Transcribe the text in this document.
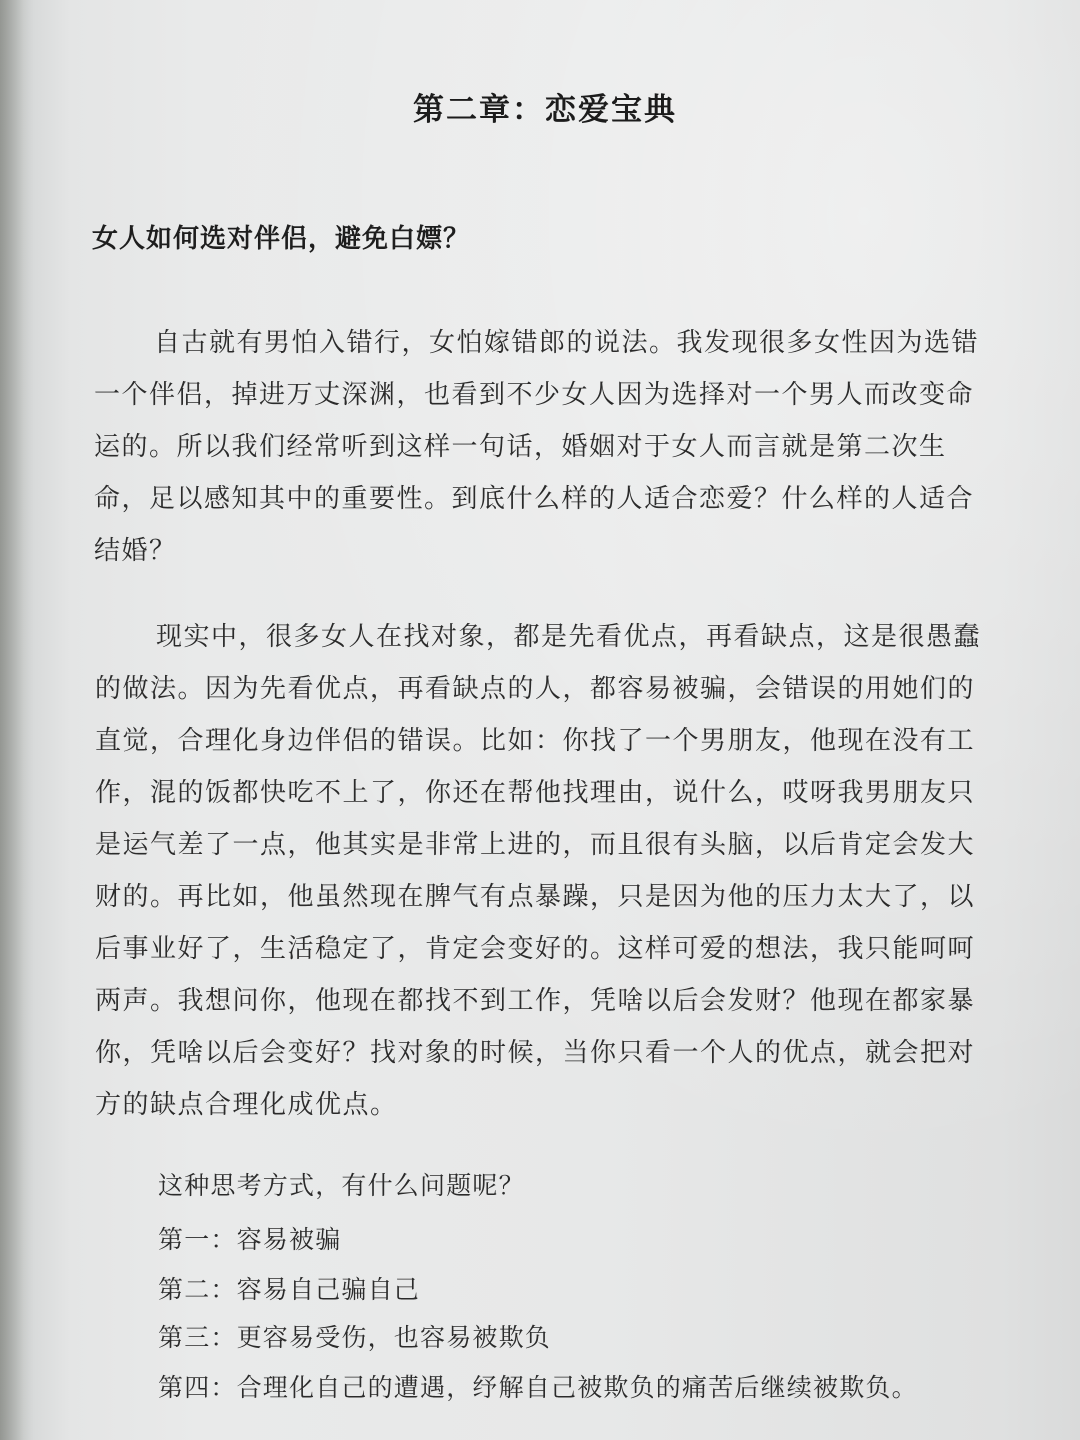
第二章：恋爱宝典
女人如何选对伴侣，避免白嫖？
自古就有男怕入错行，女怕嫁错郎的说法。我发现很多女性因为选错
一个伴侣，掉进万丈深渊，也看到不少女人因为选择对一个男人而改变命
运的。所以我们经常听到这样一句话，婚姻对于女人而言就是第二次生
命，足以感知其中的重要性。到底什么样的人适合恋爱？什么样的人适合
结婚？
现实中，很多女人在找对象，都是先看优点，再看缺点，这是很愚蠢
的做法。因为先看优点，再看缺点的人，都容易被骗，会错误的用她们的
直觉，合理化身边伴侣的错误。比如：你找了一个男朋友，他现在没有工
作，混的饭都快吃不上了，你还在帮他找理由，说什么，哎呀我男朋友只
是运气差了一点，他其实是非常上进的，而且很有头脑，以后肯定会发大
财的。再比如，他虽然现在脾气有点暴躁，只是因为他的压力太大了，以
后事业好了，生活稳定了，肯定会变好的。这样可爱的想法，我只能呵呵
两声。我想问你，他现在都找不到工作，凭啥以后会发财？他现在都家暴
你，凭啥以后会变好？找对象的时候，当你只看一个人的优点，就会把对
方的缺点合理化成优点。
这种思考方式，有什么问题呢？
第一：容易被骗
第二：容易自己骗自己
第三：更容易受伤，也容易被欺负
第四：合理化自己的遭遇，纾解自己被欺负的痛苦后继续被欺负。
